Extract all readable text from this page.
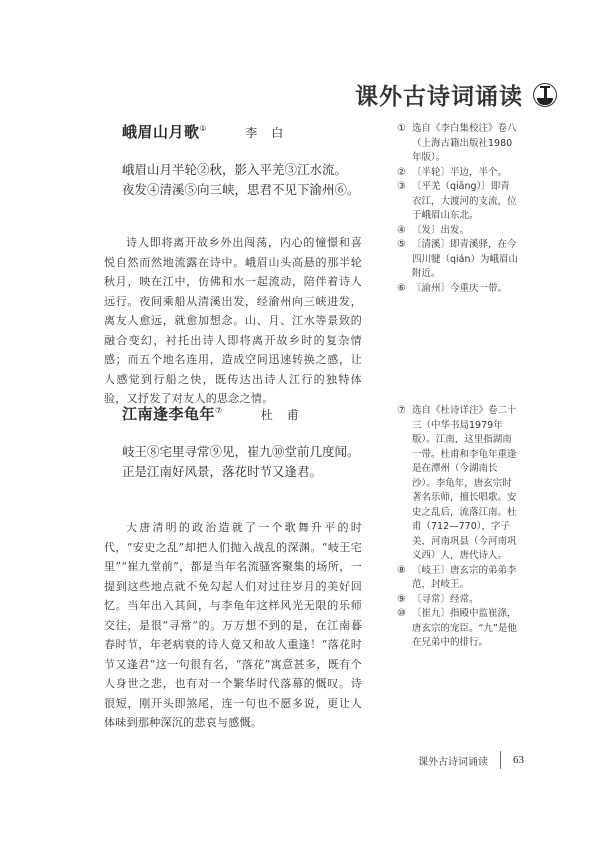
课外古诗词诵读
峨眉山月歌①	李白
峨眉山月半轮②秋，影入平羌③江水流。
夜发④清溪⑤向三峡，思君不见下渝州⑥。

诗人即将离开故乡外出闯荡，内心的憧憬和喜悦自然而然地流露在诗中。峨眉山头高悬的那半轮秋月，映在江中，仿佛和水一起流动，陪伴着诗人远行。夜间乘船从清溪出发，经渝州向三峡进发，离友人愈远，就愈加想念。山、月、江水等景致的融合变幻，衬托出诗人即将离开故乡时的复杂情感；而五个地名连用，造成空间迅速转换之感，让人感觉到行船之快，既传达出诗人江行的独特体验，又抒发了对友人的思念之情。

① 选自《李白集校注》卷八（上海古籍出版社1980年版）。
② 〔半轮〕半边，半个。
③ 〔平羌（qiāng）〕即青衣江，大渡河的支流，位于峨眉山东北。
④ 〔发〕出发。
⑤ 〔清溪〕即青溪驿，在今四川犍（qián）为峨眉山附近。
⑥ 〔渝州〕今重庆一带。
江南逢李龟年⑦	杜甫
岐王⑧宅里寻常⑨见，崔九⑩堂前几度闻。
正是江南好风景，落花时节又逢君。

大唐清明的政治造就了一个歌舞升平的时代，“安史之乱”却把人们抛入战乱的深渊。“岐王宅里”“崔九堂前”，都是当年名流骚客聚集的场所，一提到这些地点就不免勾起人们对过往岁月的美好回忆。当年出入其间，与李龟年这样风光无限的乐师交往，是很“寻常”的。万万想不到的是，在江南暮春时节，年老病衰的诗人竟又和故人重逢！“落花时节又逢君”这一句很有名，“落花”寓意甚多，既有个人身世之悲，也有对一个繁华时代落幕的慨叹。诗很短，刚开头即煞尾，连一句也不愿多说，更让人体味到那种深沉的悲哀与感慨。

⑦ 选自《杜诗详注》卷二十三（中华书局1979年版）。江南，这里指湖南一带。杜甫和李龟年重逢是在潭州（今湖南长沙）。李龟年，唐玄宗时著名乐师，擅长唱歌。安史之乱后，流落江南。杜甫（712—770），字子美，河南巩县（今河南巩义西）人，唐代诗人。
⑧ 〔岐王〕唐玄宗的弟弟李范，封岐王。
⑨ 〔寻常〕经常。
⑩ 〔崔九〕指殿中监崔涤，唐玄宗的宠臣。“九”是他在兄弟中的排行。
课外古诗词诵读 63
